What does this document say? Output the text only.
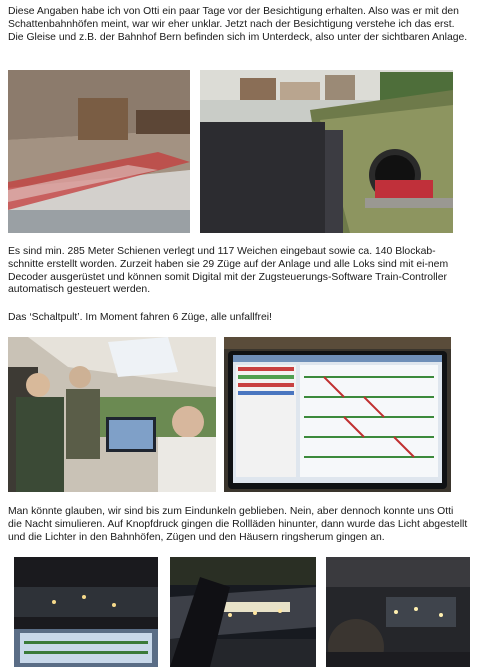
Diese Angaben habe ich von Otti ein paar Tage vor der Besichtigung erhalten. Also was er mit den Schattenbahnhöfen meint, war wir eher unklar. Jetzt nach der Besichtigung verstehe ich das erst. Die Gleise und z.B. der Bahnhof Bern befinden sich im Unterdeck, also unter der sichtbaren Anlage.

Es sind min. 285 Meter Schienen verlegt und 117 Weichen eingebaut sowie ca. 140 Blockab-schnitte erstellt worden. Zurzeit haben sie 29 Züge auf der Anlage und alle Loks sind mit ei-nem Decoder ausgerüstet und können somit Digital mit der Zugsteuerungs-Software Train-Controller automatisch gesteuert werden.

Das ‘Schaltpult’. Im Moment fahren 6 Züge, alle unfallfrei!

Man könnte glauben, wir sind bis zum Eindunkeln geblieben. Nein, aber dennoch konnte uns Otti die Nacht simulieren. Auf Knopfdruck gingen die Rollläden hinunter, dann wurde das Licht abgestellt und die Lichter in den Bahnhöfen, Zügen und den Häusern ringsherum gingen an.
